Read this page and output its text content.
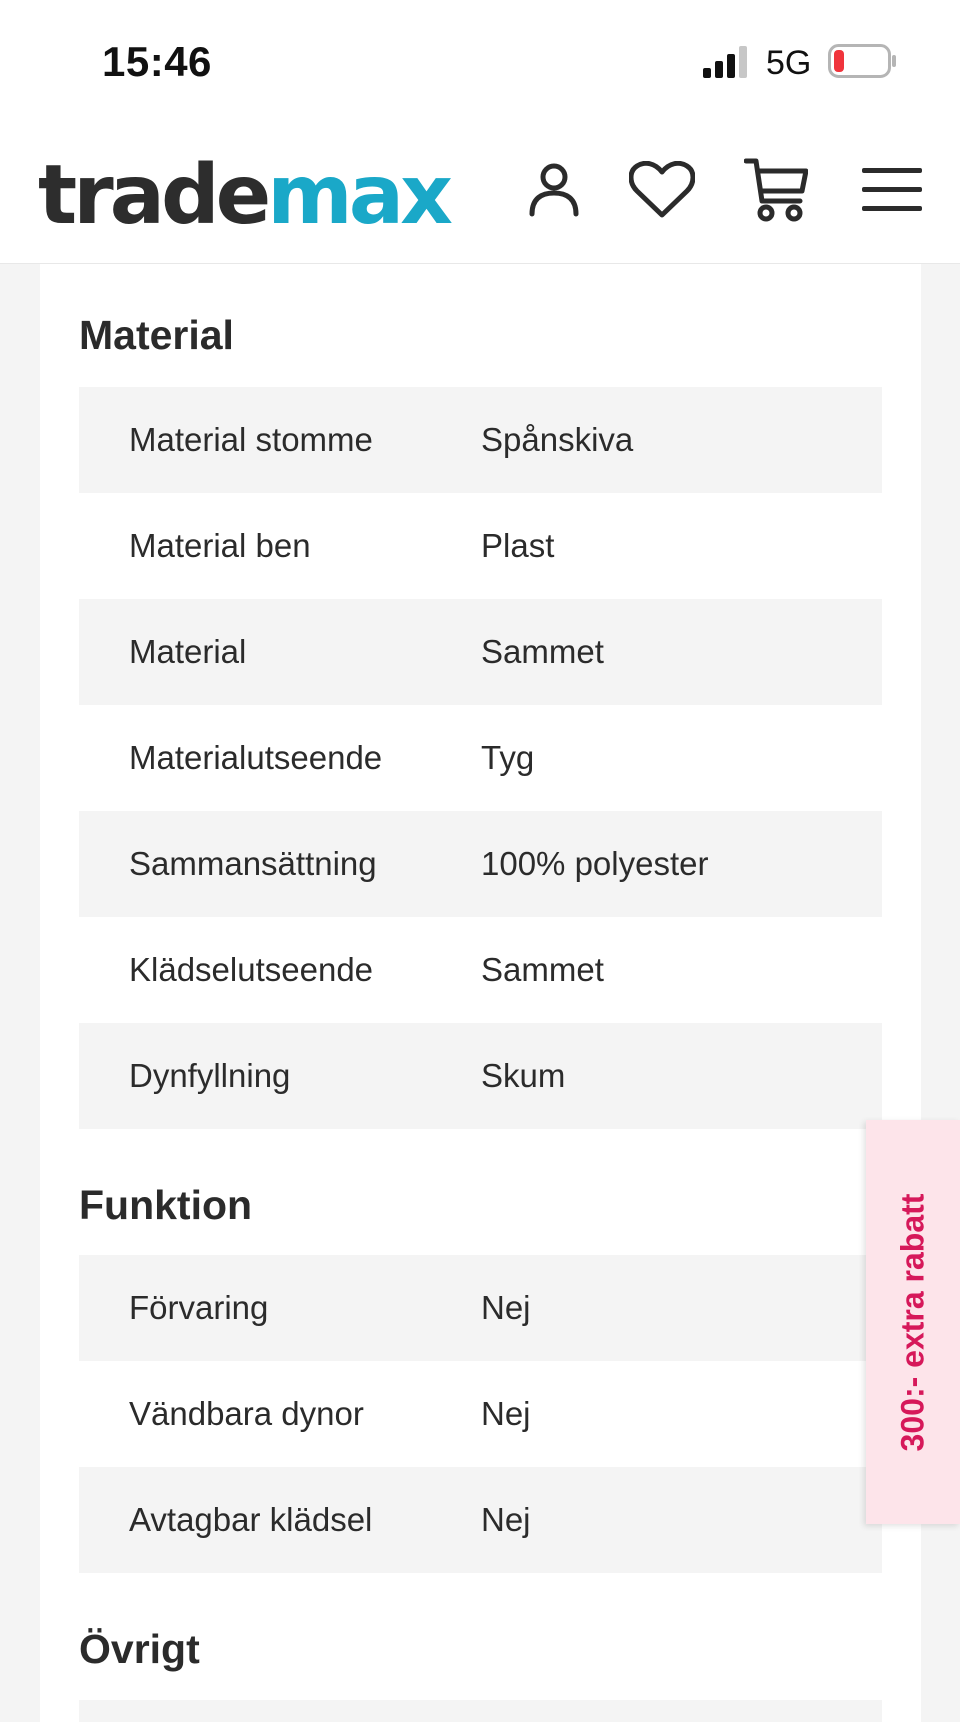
15:46	5G
trademax
Material
Material stomme	Spånskiva
Material ben	Plast
Material	Sammet
Materialutseende	Tyg
Sammansättning	100% polyester
Klädselutseende	Sammet
Dynfyllning	Skum
Funktion
Förvaring	Nej
Vändbara dynor	Nej
Avtagbar klädsel	Nej
Övrigt
300:- extra rabatt
